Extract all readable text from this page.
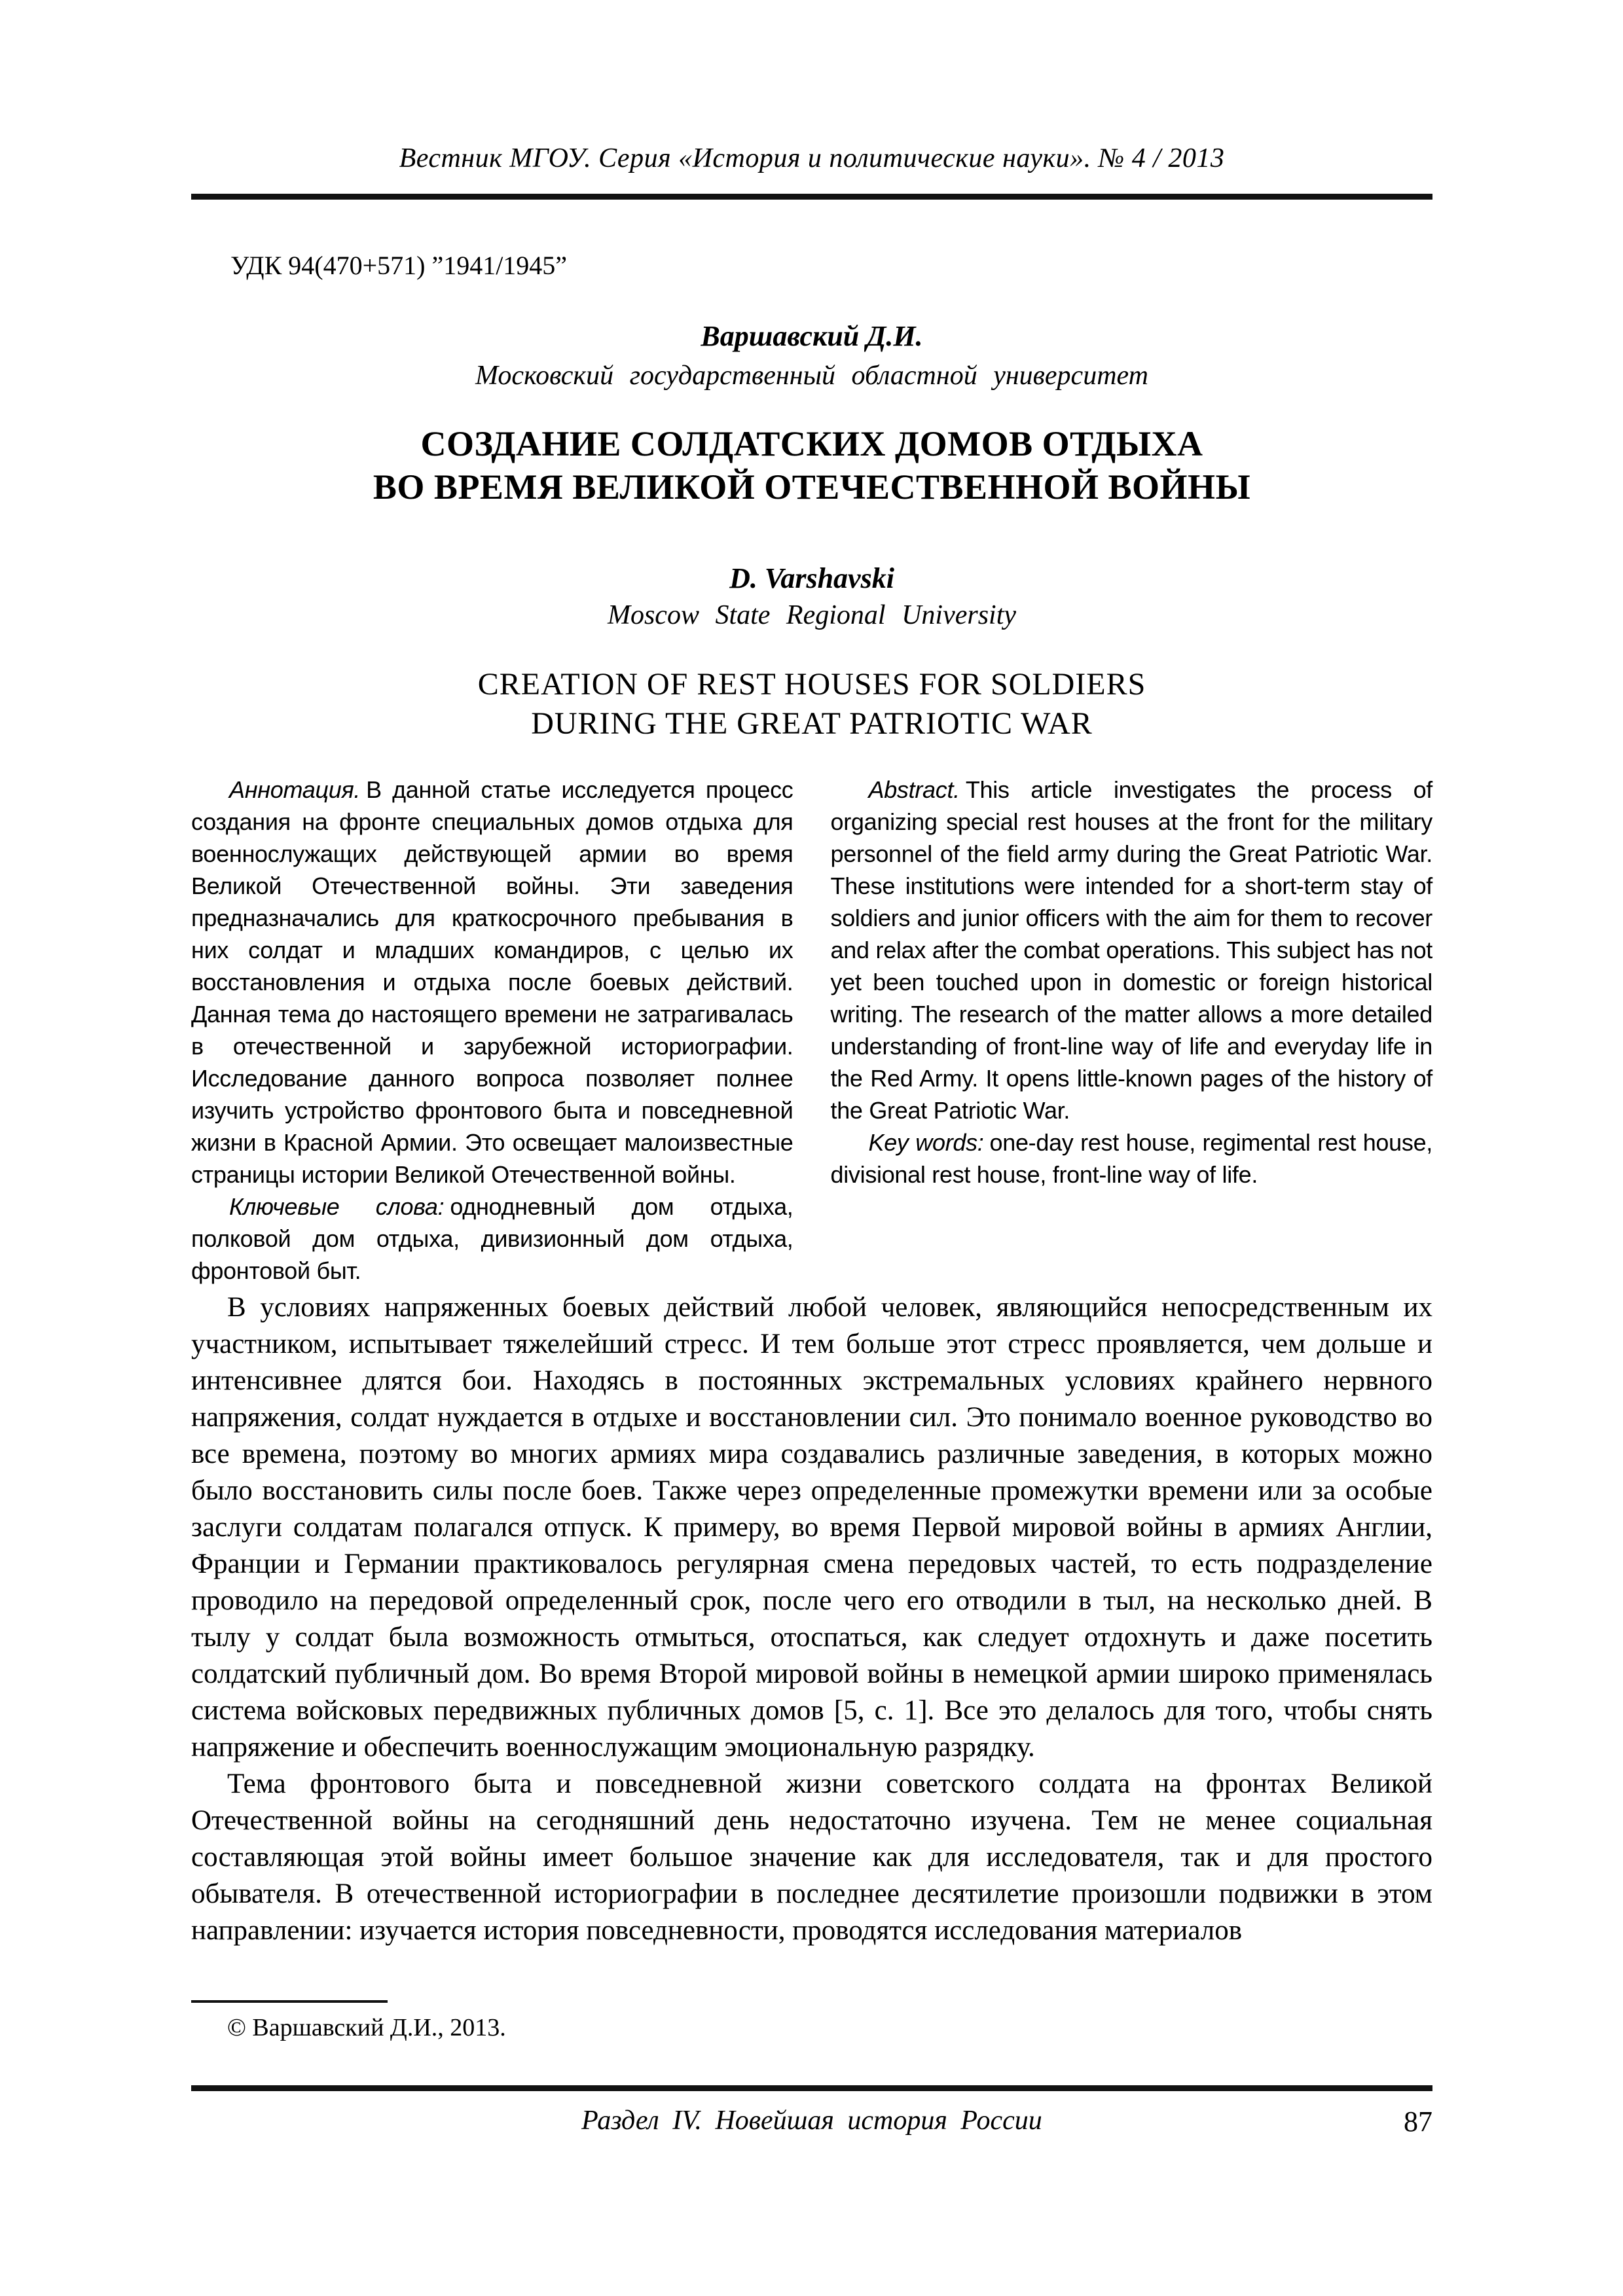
Вестник МГОУ. Серия «История и политические науки». № 4 / 2013
УДК 94(470+571) ”1941/1945”
Варшавский Д.И.
Московский государственный областной университет
СОЗДАНИЕ СОЛДАТСКИХ ДОМОВ ОТДЫХА
ВО ВРЕМЯ ВЕЛИКОЙ ОТЕЧЕСТВЕННОЙ ВОЙНЫ
D. Varshavski
Moscow State Regional University
CREATION OF REST HOUSES FOR SOLDIERS
DURING THE GREAT PATRIOTIC WAR

Аннотация. В данной статье исследуется процесс создания на фронте специальных домов отдыха для военнослужащих действующей армии во время Великой Отечественной войны. Эти заведения предназначались для краткосрочного пребывания в них солдат и младших командиров, с целью их восстановления и отдыха после боевых действий. Данная тема до настоящего времени не затрагивалась в отечественной и зарубежной историографии. Исследование данного вопроса позволяет полнее изучить устройство фронтового быта и повседневной жизни в Красной Армии. Это освещает малоизвестные страницы истории Великой Отечественной войны.

Ключевые слова: однодневный дом отдыха, полковой дом отдыха, дивизионный дом отдыха, фронтовой быт.

Abstract. This article investigates the process of organizing special rest houses at the front for the military personnel of the field army during the Great Patriotic War. These institutions were intended for a short-term stay of soldiers and junior officers with the aim for them to recover and relax after the combat operations. This subject has not yet been touched upon in domestic or foreign historical writing. The research of the matter allows a more detailed understanding of front-line way of life and everyday life in the Red Army. It opens little-known pages of the history of the Great Patriotic War.

Key words: one-day rest house, regimental rest house, divisional rest house, front-line way of life.

В условиях напряженных боевых действий любой человек, являющийся непосредственным их участником, испытывает тяжелейший стресс. И тем больше этот стресс проявляется, чем дольше и интенсивнее длятся бои. Находясь в постоянных экстремальных условиях крайнего нервного напряжения, солдат нуждается в отдыхе и восстановлении сил. Это понимало военное руководство во все времена, поэтому во многих армиях мира создавались различные заведения, в которых можно было восстановить силы после боев. Также через определенные промежутки времени или за особые заслуги солдатам полагался отпуск. К примеру, во время Первой мировой войны в армиях Англии, Франции и Германии практиковалось регулярная смена передовых частей, то есть подразделение проводило на передовой определенный срок, после чего его отводили в тыл, на несколько дней. В тылу у солдат была возможность отмыться, отоспаться, как следует отдохнуть и даже посетить солдатский публичный дом. Во время Второй мировой войны в немецкой армии широко применялась система войсковых передвижных публичных домов [5, с. 1]. Все это делалось для того, чтобы снять напряжение и обеспечить военнослужащим эмоциональную разрядку.

Тема фронтового быта и повседневной жизни советского солдата на фронтах Великой Отечественной войны на сегодняшний день недостаточно изучена. Тем не менее социальная составляющая этой войны имеет большое значение как для исследователя, так и для простого обывателя. В отечественной историографии в последнее десятилетие произошли подвижки в этом направлении: изучается история повседневности, проводятся исследования материалов

© Варшавский Д.И., 2013.
Раздел IV. Новейшая история России	87
